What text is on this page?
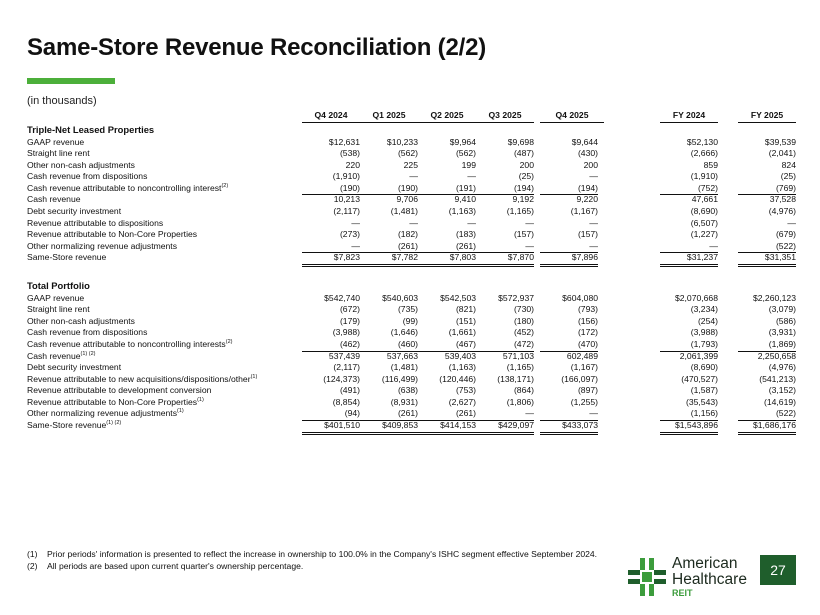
Same-Store Revenue Reconciliation (2/2)
(in thousands)
Q4 2024	Q1 2025	Q2 2025	Q3 2025	Q4 2025	FY 2024	FY 2025
Triple-Net Leased Properties
GAAP revenue	$12,631	$10,233	$9,964	$9,698	$9,644	$52,130	$39,539
Straight line rent	(538)	(562)	(562)	(487)	(430)	(2,666)	(2,041)
Other non-cash adjustments	220	225	199	200	200	859	824
Cash revenue from dispositions	(1,910)	—	—	(25)	—	(1,910)	(25)
Cash revenue attributable to noncontrolling interest$^{(2)}$	(190)	(190)	(191)	(194)	(194)	(752)	(769)
Cash revenue	10,213	9,706	9,410	9,192	9,220	47,661	37,528
Debt security investment	(2,117)	(1,481)	(1,163)	(1,165)	(1,167)	(8,690)	(4,976)
Revenue attributable to dispositions	—	—	—	—	—	(6,507)	—
Revenue attributable to Non-Core Properties	(273)	(182)	(183)	(157)	(157)	(1,227)	(679)
Other normalizing revenue adjustments	—	(261)	(261)	—	—	—	(522)
Same-Store revenue	$7,823	$7,782	$7,803	$7,870	$7,896	$31,237	$31,351
Total Portfolio
GAAP revenue	$542,740	$540,603	$542,503	$572,937	$604,080	$2,070,668	$2,260,123
Straight line rent	(672)	(735)	(821)	(730)	(793)	(3,234)	(3,079)
Other non-cash adjustments	(179)	(99)	(151)	(180)	(156)	(254)	(586)
Cash revenue from dispositions	(3,988)	(1,646)	(1,661)	(452)	(172)	(3,988)	(3,931)
Cash revenue attributable to noncontrolling interests$^{(2)}$	(462)	(460)	(467)	(472)	(470)	(1,793)	(1,869)
Cash revenue$^{(1) (2)}$	537,439	537,663	539,403	571,103	602,489	2,061,399	2,250,658
Debt security investment	(2,117)	(1,481)	(1,163)	(1,165)	(1,167)	(8,690)	(4,976)
Revenue attributable to new acquisitions/dispositions/other$^{(1)}$	(124,373)	(116,499)	(120,446)	(138,171)	(166,097)	(470,527)	(541,213)
Revenue attributable to development conversion	(491)	(638)	(753)	(864)	(897)	(1,587)	(3,152)
Revenue attributable to Non-Core Properties$^{(1)}$	(8,854)	(8,931)	(2,627)	(1,806)	(1,255)	(35,543)	(14,619)
Other normalizing revenue adjustments$^{(1)}$	(94)	(261)	(261)	—	—	(1,156)	(522)
Same-Store revenue$^{(1) (2)}$	$401,510	$409,853	$414,153	$429,097	$433,073	$1,543,896	$1,686,176
(1) Prior periods' information is presented to reflect the increase in ownership to 100.0% in the Company's ISHC segment effective September 2024.
(2) All periods are based upon current quarter's ownership percentage.	American
Healthcare
REIT
27
